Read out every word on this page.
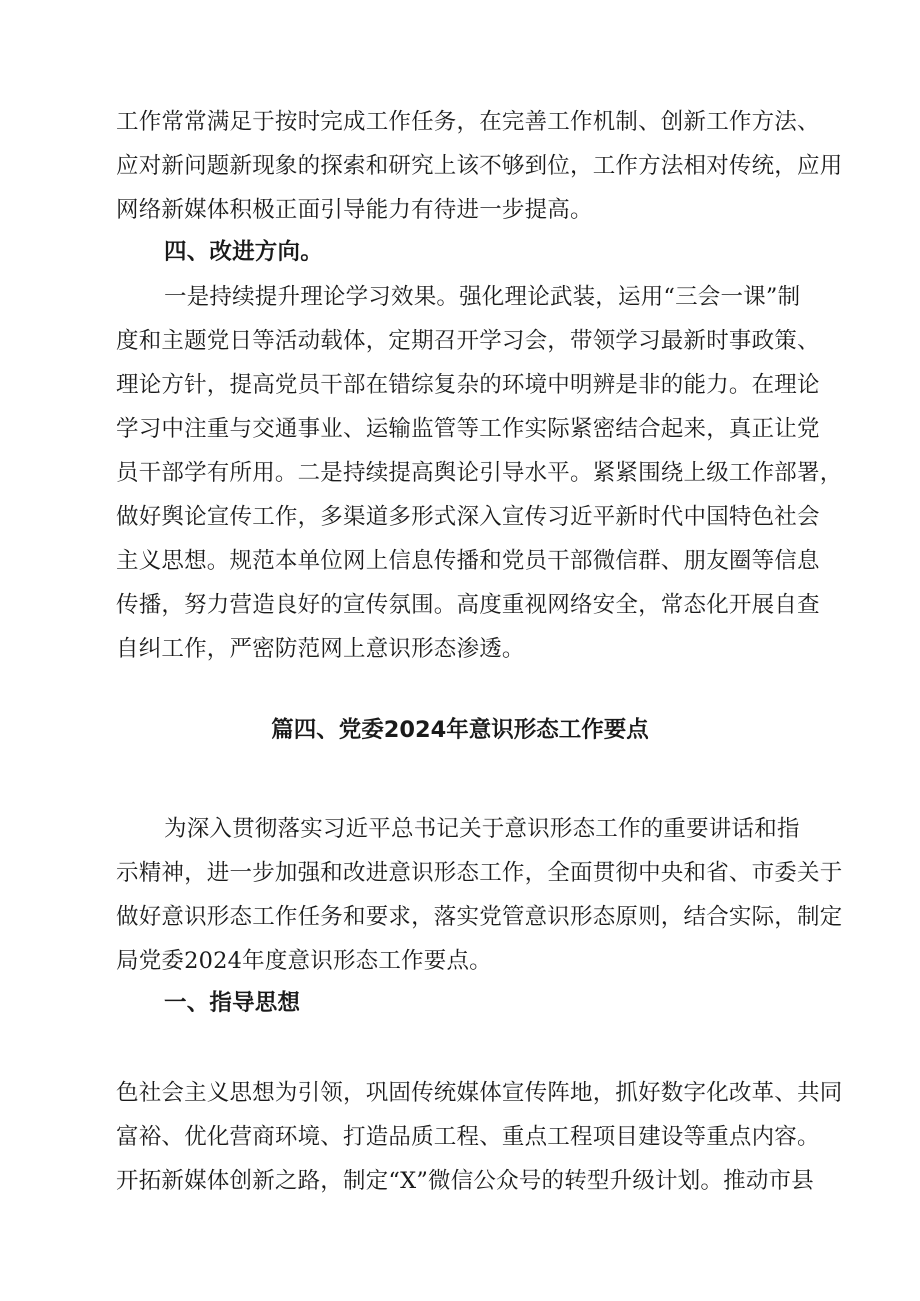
工作常常满足于按时完成工作任务，在完善工作机制、创新工作方法、
应对新问题新现象的探索和研究上该不够到位，工作方法相对传统，应用
网络新媒体积极正面引导能力有待进一步提高。
四、改进方向。
一是持续提升理论学习效果。强化理论武装，运用“三会一课”制
度和主题党日等活动载体，定期召开学习会，带领学习最新时事政策、
理论方针，提高党员干部在错综复杂的环境中明辨是非的能力。在理论
学习中注重与交通事业、运输监管等工作实际紧密结合起来，真正让党
员干部学有所用。二是持续提高舆论引导水平。紧紧围绕上级工作部署，
做好舆论宣传工作，多渠道多形式深入宣传习近平新时代中国特色社会
主义思想。规范本单位网上信息传播和党员干部微信群、朋友圈等信息
传播，努力营造良好的宣传氛围。高度重视网络安全，常态化开展自查
自纠工作，严密防范网上意识形态渗透。
篇四、党委2024年意识形态工作要点
为深入贯彻落实习近平总书记关于意识形态工作的重要讲话和指
示精神，进一步加强和改进意识形态工作，全面贯彻中央和省、市委关于
做好意识形态工作任务和要求，落实党管意识形态原则，结合实际，制定
局党委2024年度意识形态工作要点。
一、指导思想
色社会主义思想为引领，巩固传统媒体宣传阵地，抓好数字化改革、共同
富裕、优化营商环境、打造品质工程、重点工程项目建设等重点内容。
开拓新媒体创新之路，制定“X”微信公众号的转型升级计划。推动市县
